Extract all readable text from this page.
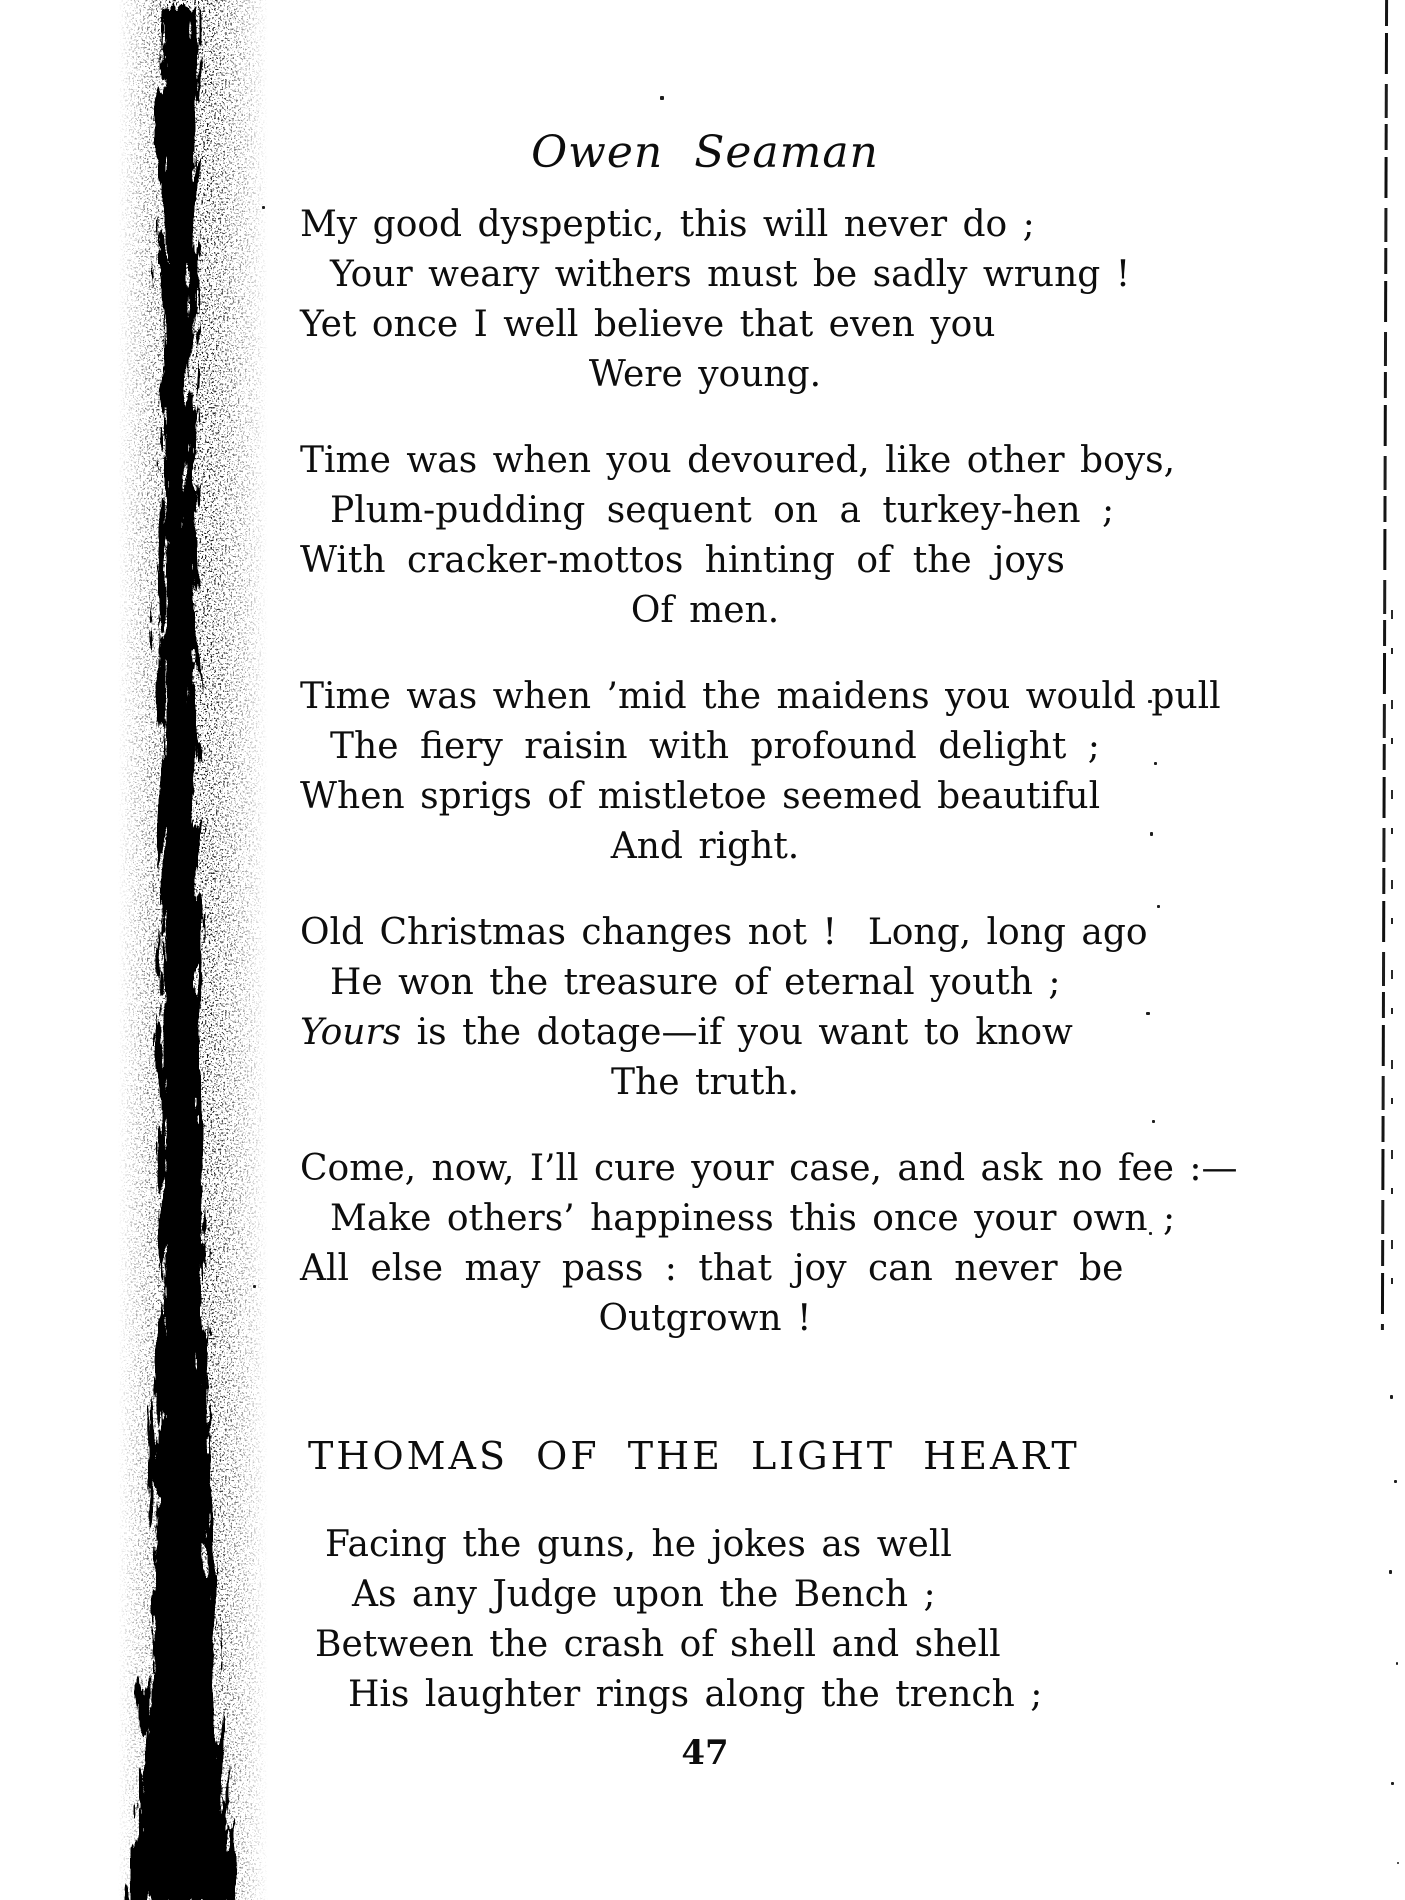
Owen Seaman
My good dyspeptic, this will never do ;
Your weary withers must be sadly wrung !
Yet once I well believe that even you
Were young.
Time was when you devoured, like other boys,
Plum-pudding sequent on a turkey-hen ;
With cracker-mottos hinting of the joys
Of men.
Time was when ’mid the maidens you would pull
The fiery raisin with profound delight ;
When sprigs of mistletoe seemed beautiful
And right.
Old Christmas changes not !  Long, long ago
He won the treasure of eternal youth ;
Yours is the dotage—if you want to know
The truth.
Come, now, I’ll cure your case, and ask no fee :—
Make others’ happiness this once your own ;
All else may pass : that joy can never be
Outgrown !
THOMAS OF THE LIGHT HEART
Facing the guns, he jokes as well
As any Judge upon the Bench ;
Between the crash of shell and shell
His laughter rings along the trench ;
47
